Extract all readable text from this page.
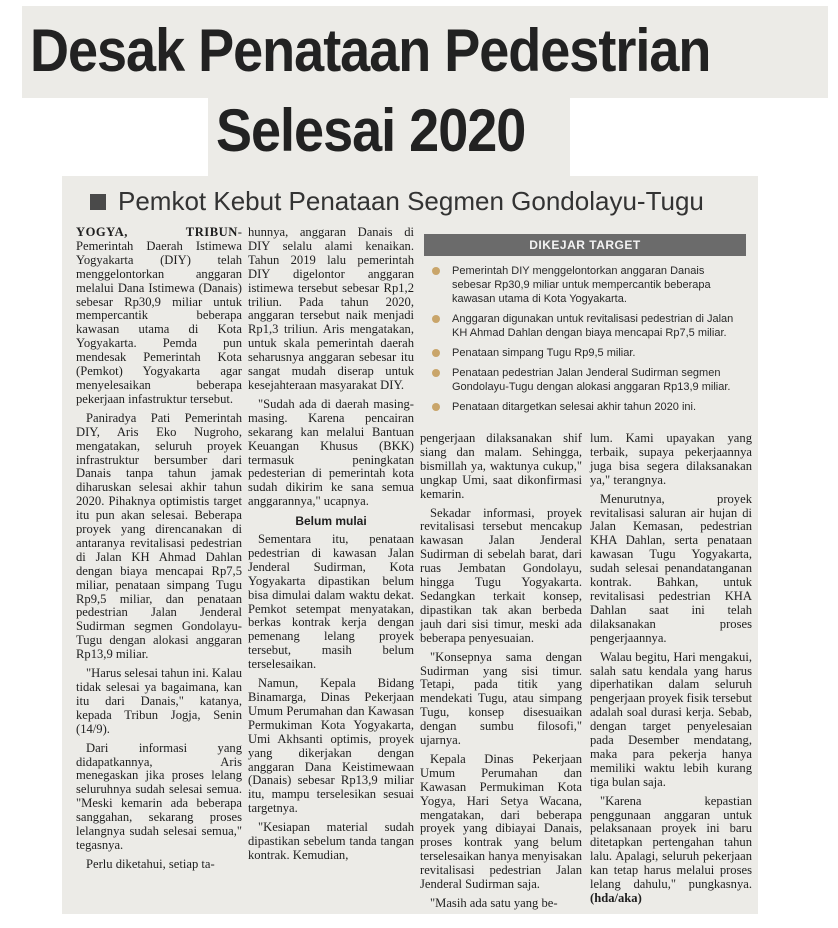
Desak Penataan Pedestrian
Selesai 2020
Pemkot Kebut Penataan Segmen Gondolayu-Tugu

YOGYA, TRIBUN- Pemerintah Daerah Istimewa Yogyakarta (DIY) telah menggelontorkan anggaran melalui Dana Istimewa (Danais) sebesar Rp30,9 miliar untuk mempercantik beberapa kawasan utama di Kota Yogyakarta. Pemda pun mendesak Pemerintah Kota (Pemkot) Yogyakarta agar menyelesaikan beberapa pekerjaan infastruktur tersebut.

Paniradya Pati Pemerintah DIY, Aris Eko Nugroho, mengatakan, seluruh proyek infrastruktur bersumber dari Danais tanpa tahun jamak diharuskan selesai akhir tahun 2020. Pihaknya optimistis target itu pun akan selesai. Beberapa proyek yang direncanakan di antaranya revitalisasi pedestrian di Jalan KH Ahmad Dahlan dengan biaya mencapai Rp7,5 miliar, penataan simpang Tugu Rp9,5 miliar, dan penataan pedestrian Jalan Jenderal Sudirman segmen Gondolayu-Tugu dengan alokasi anggaran Rp13,9 miliar.

"Harus selesai tahun ini. Kalau tidak selesai ya bagaimana, kan itu dari Danais," katanya, kepada Tribun Jogja, Senin (14/9).

Dari informasi yang didapatkannya, Aris menegaskan jika proses lelang seluruhnya sudah selesai semua. "Meski kemarin ada beberapa sanggahan, sekarang proses lelangnya sudah selesai semua," tegasnya.

Perlu diketahui, setiap ta-

hunnya, anggaran Danais di DIY selalu alami kenaikan. Tahun 2019 lalu pemerintah DIY digelontor anggaran istimewa tersebut sebesar Rp1,2 triliun. Pada tahun 2020, anggaran tersebut naik menjadi Rp1,3 triliun. Aris mengatakan, untuk skala pemerintah daerah seharusnya anggaran sebesar itu sangat mudah diserap untuk kesejahteraan masyarakat DIY.

"Sudah ada di daerah masing-masing. Karena pencairan sekarang kan melalui Bantuan Keuangan Khusus (BKK) termasuk peningkatan pedesterian di pemerintah kota sudah dikirim ke sana semua anggarannya," ucapnya.

Belum mulai

Sementara itu, penataan pedestrian di kawasan Jalan Jenderal Sudirman, Kota Yogyakarta dipastikan belum bisa dimulai dalam waktu dekat. Pemkot setempat menyatakan, berkas kontrak kerja dengan pemenang lelang proyek tersebut, masih belum terselesaikan.

Namun, Kepala Bidang Binamarga, Dinas Pekerjaan Umum Perumahan dan Kawasan Permukiman Kota Yogyakarta, Umi Akhsanti optimis, proyek yang dikerjakan dengan anggaran Dana Keistimewaan (Danais) sebesar Rp13,9 miliar itu, mampu terselesikan sesuai targetnya.

"Kesiapan material sudah dipastikan sebelum tanda tangan kontrak. Kemudian,

DIKEJAR TARGET
Pemerintah DIY menggelontorkan anggaran Danais sebesar Rp30,9 miliar untuk mempercantik beberapa kawasan utama di Kota Yogyakarta.
Anggaran digunakan untuk revitalisasi pedestrian di Jalan KH Ahmad Dahlan dengan biaya mencapai Rp7,5 miliar.
Penataan simpang Tugu Rp9,5 miliar.
Penataan pedestrian Jalan Jenderal Sudirman segmen Gondolayu-Tugu dengan alokasi anggaran Rp13,9 miliar.
Penataan ditargetkan selesai akhir tahun 2020 ini.

pengerjaan dilaksanakan shif siang dan malam. Sehingga, bismillah ya, waktunya cukup," ungkap Umi, saat dikonfirmasi kemarin.

Sekadar informasi, proyek revitalisasi tersebut mencakup kawasan Jalan Jenderal Sudirman di sebelah barat, dari ruas Jembatan Gondolayu, hingga Tugu Yogyakarta. Sedangkan terkait konsep, dipastikan tak akan berbeda jauh dari sisi timur, meski ada beberapa penyesuaian.

"Konsepnya sama dengan Sudirman yang sisi timur. Tetapi, pada titik yang mendekati Tugu, atau simpang Tugu, konsep disesuaikan dengan sumbu filosofi," ujarnya.

Kepala Dinas Pekerjaan Umum Perumahan dan Kawasan Permukiman Kota Yogya, Hari Setya Wacana, mengatakan, dari beberapa proyek yang dibiayai Danais, proses kontrak yang belum terselesaikan hanya menyisakan revitalisasi pedestrian Jalan Jenderal Sudirman saja.

"Masih ada satu yang be-

lum. Kami upayakan yang terbaik, supaya pekerjaannya juga bisa segera dilaksanakan ya," terangnya.

Menurutnya, proyek revitalisasi saluran air hujan di Jalan Kemasan, pedestrian KHA Dahlan, serta penataan kawasan Tugu Yogyakarta, sudah selesai penandatanganan kontrak. Bahkan, untuk revitalisasi pedestrian KHA Dahlan saat ini telah dilaksanakan proses pengerjaannya.

Walau begitu, Hari mengakui, salah satu kendala yang harus diperhatikan dalam seluruh pengerjaan proyek fisik tersebut adalah soal durasi kerja. Sebab, dengan target penyelesaian pada Desember mendatang, maka para pekerja hanya memiliki waktu lebih kurang tiga bulan saja.

"Karena kepastian penggunaan anggaran untuk pelaksanaan proyek ini baru ditetapkan pertengahan tahun lalu. Apalagi, seluruh pekerjaan kan tetap harus melalui proses lelang dahulu," pungkasnya. (hda/aka)
